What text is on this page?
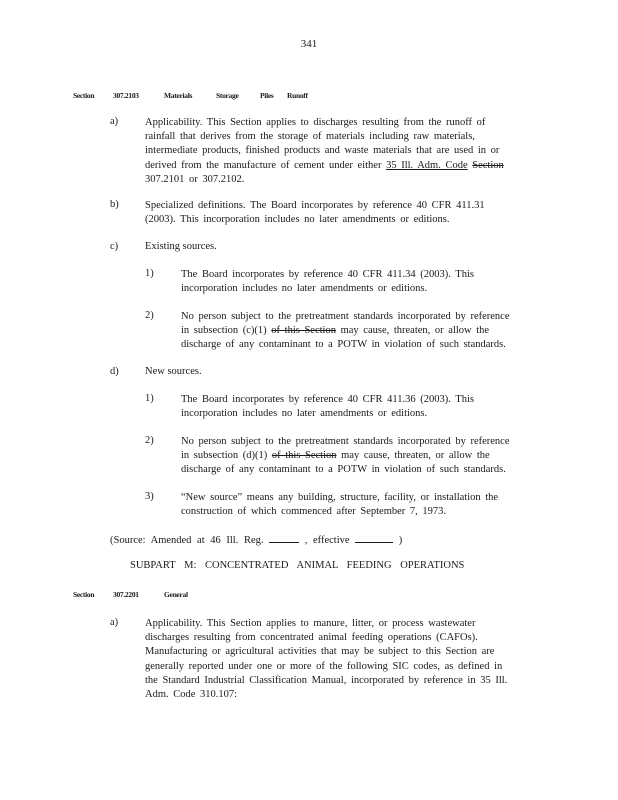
341
Section	307.2103	Materials	Storage	Piles Runoff
a)	Applicability. This Section applies to discharges resulting from the runoff of
rainfall that derives from the storage of materials including raw materials,
intermediate products, finished products and waste materials that are used in or
derived from the manufacture of cement under either 35 Ill. Adm. Code Section
307.2101 or 307.2102.
b)	Specialized definitions. The Board incorporates by reference 40 CFR 411.31
(2003). This incorporation includes no later amendments or editions.
c)	Existing sources.
1)	The Board incorporates by reference 40 CFR 411.34 (2003). This
incorporation includes no later amendments or editions.
2)	No person subject to the pretreatment standards incorporated by reference
in subsection (c)(1) of this Section may cause, threaten, or allow the
discharge of any contaminant to a POTW in violation of such standards.
d)	New sources.
1)	The Board incorporates by reference 40 CFR 411.36 (2003). This
incorporation includes no later amendments or editions.
2)	No person subject to the pretreatment standards incorporated by reference
in subsection (d)(1) of this Section may cause, threaten, or allow the
discharge of any contaminant to a POTW in violation of such standards.
3)	“New source” means any building, structure, facility, or installation the
construction of which commenced after September 7, 1973.
(Source: Amended at 46 Ill. Reg.	, effective	)
SUBPART M: CONCENTRATED ANIMAL FEEDING OPERATIONS
Section	307.2201	General
a)	Applicability. This Section applies to manure, litter, or process wastewater
discharges resulting from concentrated animal feeding operations (CAFOs).
Manufacturing or agricultural activities that may be subject to this Section are
generally reported under one or more of the following SIC codes, as defined in
the Standard Industrial Classification Manual, incorporated by reference in 35 Ill.
Adm. Code 310.107:
